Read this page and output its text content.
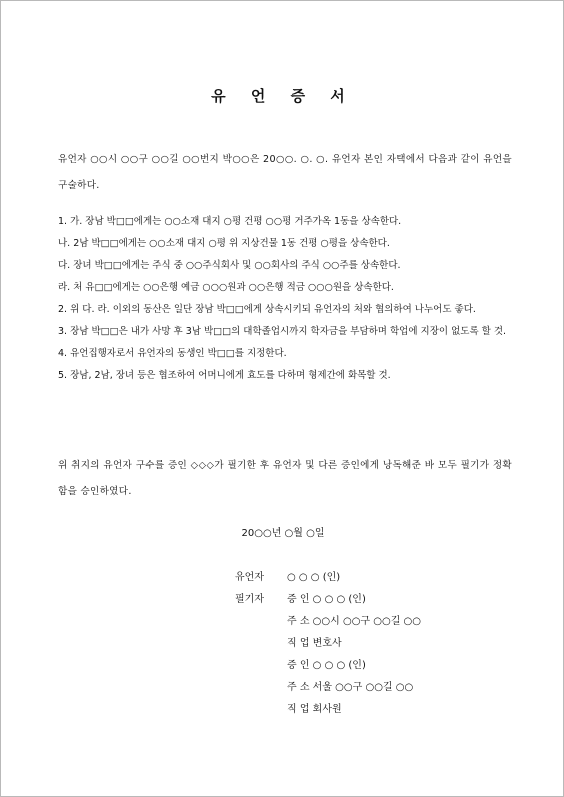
유 언 증 서
유언자 ○○시 ○○구 ○○길 ○○번지 박○○은 20○○. ○. ○. 유언자 본인 자택에서 다음과 같이 유언을 구술하다.
1. 가. 장남 박□□에게는 ○○소재 대지 ○평 건평 ○○평 거주가옥 1동을 상속한다.
나. 2남 박□□에게는 ○○소재 대지 ○평 위 지상건물 1동 건평 ○평을 상속한다.
다. 장녀 박□□에게는 주식 중 ○○주식회사 및 ○○회사의 주식 ○○주를 상속한다.
라. 처 유□□에게는 ○○은행 예금 ○○○원과 ○○은행 적금 ○○○원을 상속한다.
2. 위 다. 라. 이외의 동산은 일단 장남 박□□에게 상속시키되 유언자의 처와 협의하여 나누어도 좋다.
3. 장남 박□□은 내가 사망 후 3남 박□□의 대학졸업시까지 학자금을 부담하며 학업에 지장이 없도록 할 것.
4. 유언집행자로서 유언자의 동생인 박□□를 지정한다.
5. 장남, 2남, 장녀 등은 협조하여 어머니에게 효도를 다하며 형제간에 화목할 것.
위 취지의 유언자 구수를 증인 ◇◇◇가 필기한 후 유언자 및 다른 증인에게 낭독해준 바 모두 필기가 정확함을 승인하였다.
20○○년 ○월 ○일
유언자	○ ○ ○ (인)
필기자	증 인 ○ ○ ○ (인)
주 소 ○○시 ○○구 ○○길 ○○
직 업 변호사
증 인 ○ ○ ○ (인)
주 소 서울 ○○구 ○○길 ○○
직 업 회사원
